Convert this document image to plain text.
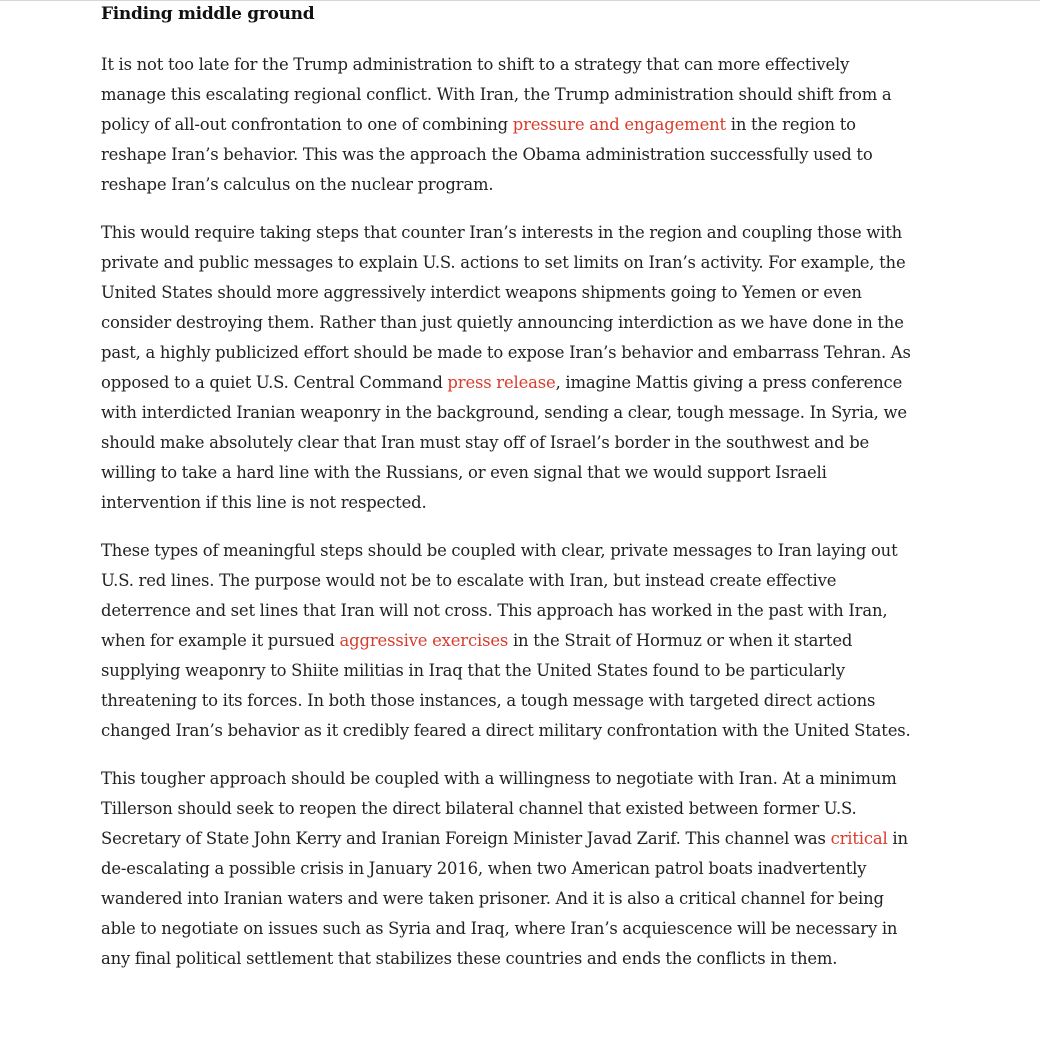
Finding middle ground

It is not too late for the Trump administration to shift to a strategy that can more effectively manage this escalating regional conflict. With Iran, the Trump administration should shift from a policy of all-out confrontation to one of combining pressure and engagement in the region to reshape Iran’s behavior. This was the approach the Obama administration successfully used to reshape Iran’s calculus on the nuclear program.

This would require taking steps that counter Iran’s interests in the region and coupling those with private and public messages to explain U.S. actions to set limits on Iran’s activity. For example, the United States should more aggressively interdict weapons shipments going to Yemen or even consider destroying them. Rather than just quietly announcing interdiction as we have done in the past, a highly publicized effort should be made to expose Iran’s behavior and embarrass Tehran. As opposed to a quiet U.S. Central Command press release, imagine Mattis giving a press conference with interdicted Iranian weaponry in the background, sending a clear, tough message. In Syria, we should make absolutely clear that Iran must stay off of Israel’s border in the southwest and be willing to take a hard line with the Russians, or even signal that we would support Israeli intervention if this line is not respected.

These types of meaningful steps should be coupled with clear, private messages to Iran laying out U.S. red lines. The purpose would not be to escalate with Iran, but instead create effective deterrence and set lines that Iran will not cross. This approach has worked in the past with Iran, when for example it pursued aggressive exercises in the Strait of Hormuz or when it started supplying weaponry to Shiite militias in Iraq that the United States found to be particularly threatening to its forces. In both those instances, a tough message with targeted direct actions changed Iran’s behavior as it credibly feared a direct military confrontation with the United States.

This tougher approach should be coupled with a willingness to negotiate with Iran. At a minimum Tillerson should seek to reopen the direct bilateral channel that existed between former U.S. Secretary of State John Kerry and Iranian Foreign Minister Javad Zarif. This channel was critical in de-escalating a possible crisis in January 2016, when two American patrol boats inadvertently wandered into Iranian waters and were taken prisoner. And it is also a critical channel for being able to negotiate on issues such as Syria and Iraq, where Iran’s acquiescence will be necessary in any final political settlement that stabilizes these countries and ends the conflicts in them.
